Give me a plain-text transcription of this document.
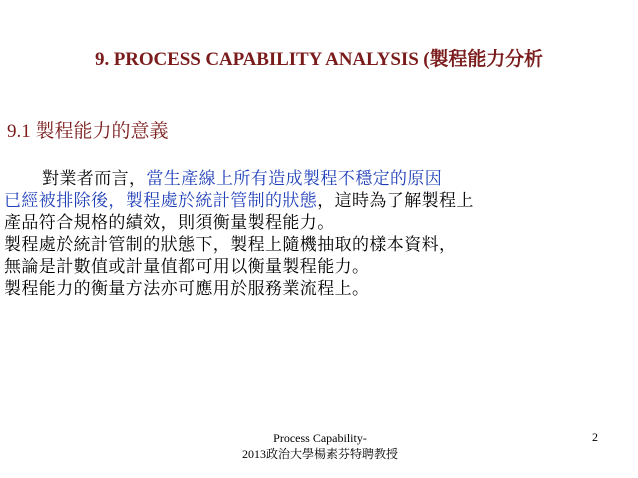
9. PROCESS CAPABILITY ANALYSIS (製程能力分析
9.1 製程能力的意義
對業者而言，當生產線上所有造成製程不穩定的原因
已經被排除後，製程處於統計管制的狀態，這時為了解製程上
產品符合規格的績效，則須衡量製程能力。
製程處於統計管制的狀態下，製程上隨機抽取的樣本資料，
無論是計數值或計量值都可用以衡量製程能力。
製程能力的衡量方法亦可應用於服務業流程上。
Process Capability-
2013政治大學楊素芬特聘教授
2
